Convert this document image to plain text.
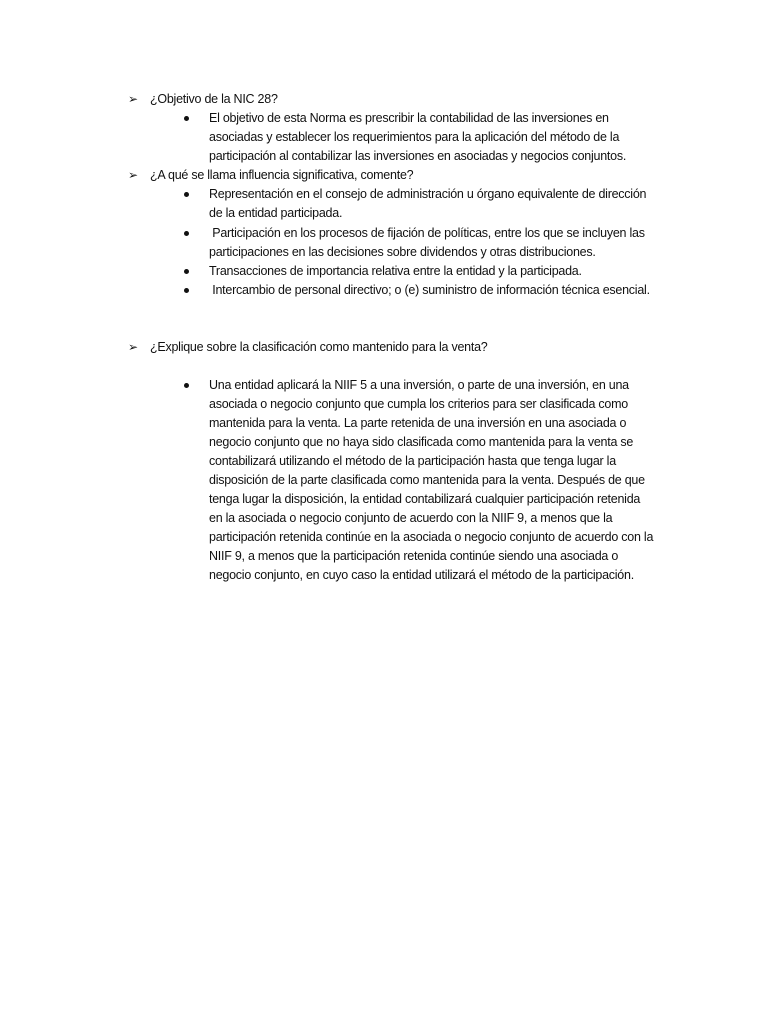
➢ ¿Objetivo de la NIC 28?
El objetivo de esta Norma es prescribir la contabilidad de las inversiones en asociadas y establecer los requerimientos para la aplicación del método de la participación al contabilizar las inversiones en asociadas y negocios conjuntos.
➢ ¿A qué se llama influencia significativa, comente?
Representación en el consejo de administración u órgano equivalente de dirección de la entidad participada.
Participación en los procesos de fijación de políticas, entre los que se incluyen las participaciones en las decisiones sobre dividendos y otras distribuciones.
Transacciones de importancia relativa entre la entidad y la participada.
Intercambio de personal directivo; o (e) suministro de información técnica esencial.
➢ ¿Explique sobre la clasificación como mantenido para la venta?
Una entidad aplicará la NIIF 5 a una inversión, o parte de una inversión, en una asociada o negocio conjunto que cumpla los criterios para ser clasificada como mantenida para la venta. La parte retenida de una inversión en una asociada o negocio conjunto que no haya sido clasificada como mantenida para la venta se contabilizará utilizando el método de la participación hasta que tenga lugar la disposición de la parte clasificada como mantenida para la venta. Después de que tenga lugar la disposición, la entidad contabilizará cualquier participación retenida en la asociada o negocio conjunto de acuerdo con la NIIF 9, a menos que la participación retenida continúe en la asociada o negocio conjunto de acuerdo con la NIIF 9, a menos que la participación retenida continúe siendo una asociada o negocio conjunto, en cuyo caso la entidad utilizará el método de la participación.
